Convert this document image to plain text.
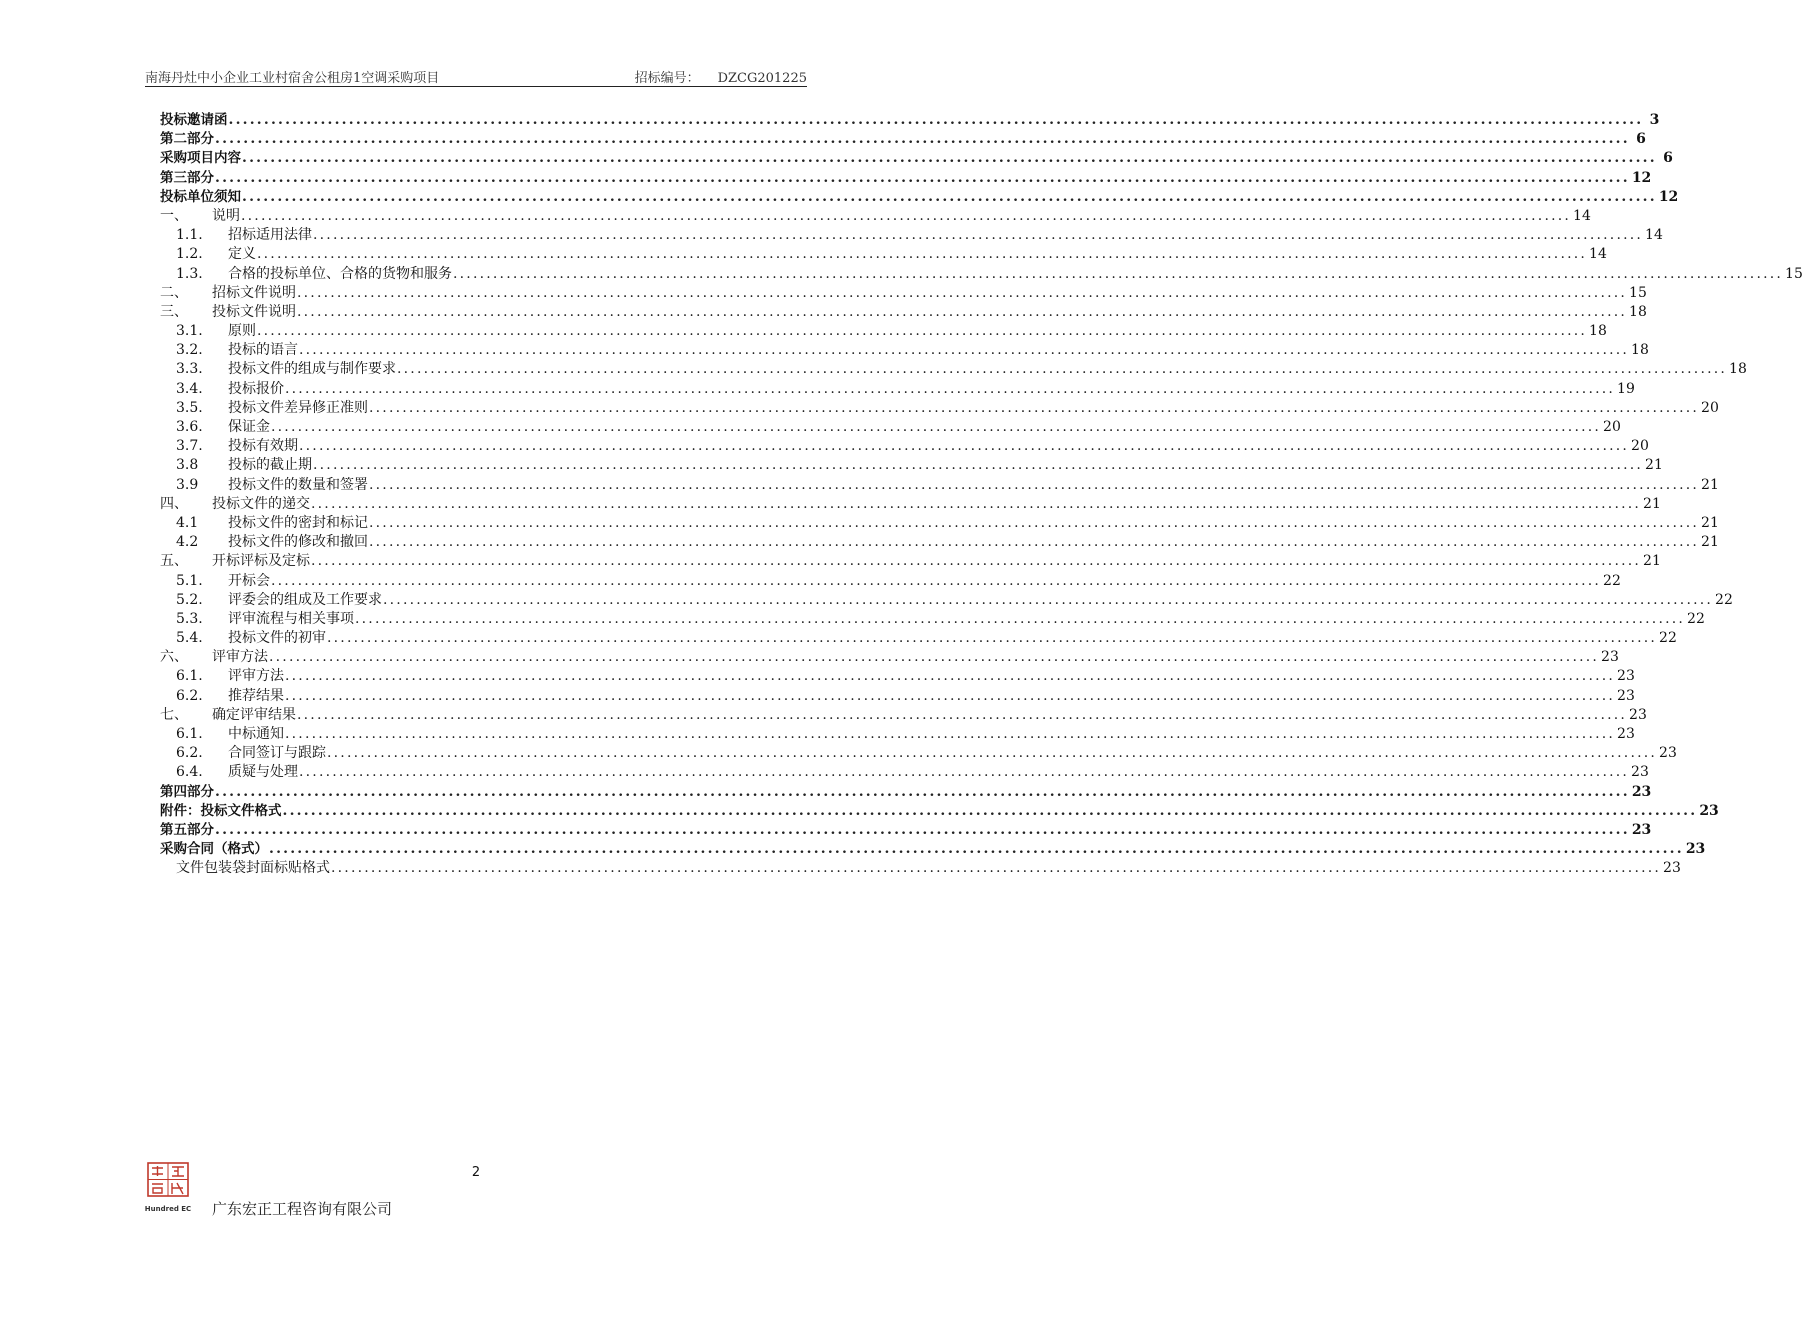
南海丹灶中小企业工业村宿舍公租房1空调采购项目	招标编号： DZCG201225
投标邀请函 ........................................................................................................................................................................................................ 3
第二部分 ........................................................................................................................................................................................................ 6
采购项目内容 ........................................................................................................................................................................................................ 6
第三部分 ........................................................................................................................................................................................................ 12
投标单位须知 ........................................................................................................................................................................................................ 12
一、	说明 ........................................................................................................................................................................................................ 14
1.1.	招标适用法律 ........................................................................................................................................................................................................ 14
1.2.	定义 ........................................................................................................................................................................................................ 14
1.3.	合格的投标单位、合格的货物和服务 ........................................................................................................................................................................................................ 15
二、	招标文件说明 ........................................................................................................................................................................................................ 15
三、	投标文件说明 ........................................................................................................................................................................................................ 18
3.1.	原则 ........................................................................................................................................................................................................ 18
3.2.	投标的语言 ........................................................................................................................................................................................................ 18
3.3.	投标文件的组成与制作要求 ........................................................................................................................................................................................................ 18
3.4.	投标报价 ........................................................................................................................................................................................................ 19
3.5.	投标文件差异修正准则 ........................................................................................................................................................................................................ 20
3.6.	保证金 ........................................................................................................................................................................................................ 20
3.7.	投标有效期 ........................................................................................................................................................................................................ 20
3.8	投标的截止期 ........................................................................................................................................................................................................ 21
3.9	投标文件的数量和签署 ........................................................................................................................................................................................................ 21
四、	投标文件的递交 ........................................................................................................................................................................................................ 21
4.1	投标文件的密封和标记 ........................................................................................................................................................................................................ 21
4.2	投标文件的修改和撤回 ........................................................................................................................................................................................................ 21
五、	开标评标及定标 ........................................................................................................................................................................................................ 21
5.1.	开标会 ........................................................................................................................................................................................................ 22
5.2.	评委会的组成及工作要求 ........................................................................................................................................................................................................ 22
5.3.	评审流程与相关事项 ........................................................................................................................................................................................................ 22
5.4.	投标文件的初审 ........................................................................................................................................................................................................ 22
六、	评审方法 ........................................................................................................................................................................................................ 23
6.1.	评审方法 ........................................................................................................................................................................................................ 23
6.2.	推荐结果 ........................................................................................................................................................................................................ 23
七、	确定评审结果 ........................................................................................................................................................................................................ 23
6.1.	中标通知 ........................................................................................................................................................................................................ 23
6.2.	合同签订与跟踪 ........................................................................................................................................................................................................ 23
6.4.	质疑与处理 ........................................................................................................................................................................................................ 23
第四部分 ........................................................................................................................................................................................................ 23
附件：投标文件格式 ........................................................................................................................................................................................................ 23
第五部分 ........................................................................................................................................................................................................ 23
采购合同（格式） ........................................................................................................................................................................................................ 23
文件包装袋封面标贴格式 ........................................................................................................................................................................................................ 23
2
Hundred EC 广东宏正工程咨询有限公司
